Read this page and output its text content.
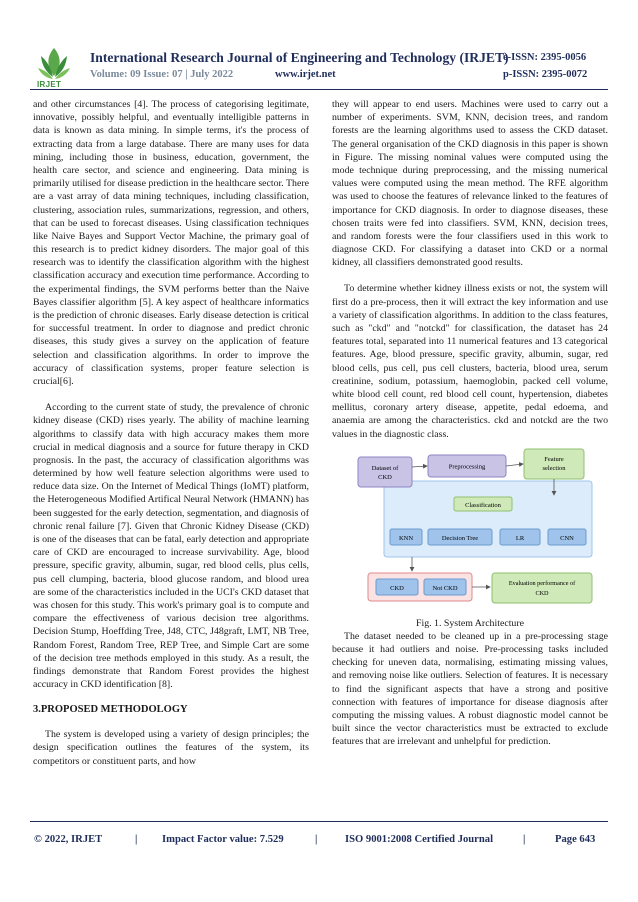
IRJET
International Research Journal of Engineering and Technology (IRJET)
e-ISSN: 2395-0056
Volume: 09 Issue: 07 | July 2022	www.irjet.net	p-ISSN: 2395-0072

and other circumstances [4]. The process of categorising legitimate, innovative, possibly helpful, and eventually intelligible patterns in data is known as data mining. In simple terms, it's the process of extracting data from a large database. There are many uses for data mining, including those in business, education, government, the health care sector, and science and engineering. Data mining is primarily utilised for disease prediction in the healthcare sector. There are a vast array of data mining techniques, including classification, clustering, association rules, summarizations, regression, and others, that can be used to forecast diseases. Using classification techniques like Naive Bayes and Support Vector Machine, the primary goal of this research is to predict kidney disorders. The major goal of this research was to identify the classification algorithm with the highest classification accuracy and execution time performance. According to the experimental findings, the SVM performs better than the Naive Bayes classifier algorithm [5]. A key aspect of healthcare informatics is the prediction of chronic diseases. Early disease detection is critical for successful treatment. In order to diagnose and predict chronic diseases, this study gives a survey on the application of feature selection and classification algorithms. In order to improve the accuracy of classification systems, proper feature selection is crucial[6].

According to the current state of study, the prevalence of chronic kidney disease (CKD) rises yearly. The ability of machine learning algorithms to classify data with high accuracy makes them more crucial in medical diagnosis and a source for future therapy in CKD prognosis. In the past, the accuracy of classification algorithms was determined by how well feature selection algorithms were used to reduce data size. On the Internet of Medical Things (IoMT) platform, the Heterogeneous Modified Artifical Neural Network (HMANN) has been suggested for the early detection, segmentation, and diagnosis of chronic renal failure [7]. Given that Chronic Kidney Disease (CKD) is one of the diseases that can be fatal, early detection and appropriate care of CKD are encouraged to increase survivability. Age, blood pressure, specific gravity, albumin, sugar, red blood cells, plus cells, pus cell clumping, bacteria, blood glucose random, and blood urea are some of the characteristics included in the UCI's CKD dataset that was chosen for this study. This work's primary goal is to compute and compare the effectiveness of various decision tree algorithms. Decision Stump, Hoeffding Tree, J48, CTC, J48graft, LMT, NB Tree, Random Forest, Random Tree, REP Tree, and Simple Cart are some of the decision tree methods employed in this study. As a result, the findings demonstrate that Random Forest provides the highest accuracy in CKD identification [8].

3.PROPOSED METHODOLOGY

The system is developed using a variety of design principles; the design specification outlines the features of the system, its competitors or constituent parts, and how

they will appear to end users. Machines were used to carry out a number of experiments. SVM, KNN, decision trees, and random forests are the learning algorithms used to assess the CKD dataset. The general organisation of the CKD diagnosis in this paper is shown in Figure. The missing nominal values were computed using the mode technique during preprocessing, and the missing numerical values were computed using the mean method. The RFE algorithm was used to choose the features of relevance linked to the features of importance for CKD diagnosis. In order to diagnose diseases, these chosen traits were fed into classifiers. SVM, KNN, decision trees, and random forests were the four classifiers used in this work to diagnose CKD. For classifying a dataset into CKD or a normal kidney, all classifiers demonstrated good results.

To determine whether kidney illness exists or not, the system will first do a pre-process, then it will extract the key information and use a variety of classification algorithms. In addition to the class features, such as "ckd" and "notckd" for classification, the dataset has 24 features total, separated into 11 numerical features and 13 categorical features. Age, blood pressure, specific gravity, albumin, sugar, red blood cells, pus cell, pus cell clusters, bacteria, blood urea, serum creatinine, sodium, potassium, haemoglobin, packed cell volume, white blood cell count, red blood cell count, hypertension, diabetes mellitus, coronary artery disease, appetite, pedal edoema, and anaemia are among the characteristics. ckd and notckd are the two values in the diagnostic class.

Dataset of
CKD
Preprocessing
Feature
selection
Classification
KNN	Decision Tree	LR	CNN
CKD	Not CKD
Evaluation performance of
CKD

Fig. 1. System Architecture

The dataset needed to be cleaned up in a pre-processing stage because it had outliers and noise. Pre-processing tasks included checking for uneven data, normalising, estimating missing values, and removing noise like outliers. Selection of features. It is necessary to find the significant aspects that have a strong and positive connection with features of importance for disease diagnosis after computing the missing values. A robust diagnostic model cannot be built since the vector characteristics must be extracted to exclude features that are irrelevant and unhelpful for prediction.

© 2022, IRJET	| Impact Factor value: 7.529	|	ISO 9001:2008 Certified Journal	|	Page 643
